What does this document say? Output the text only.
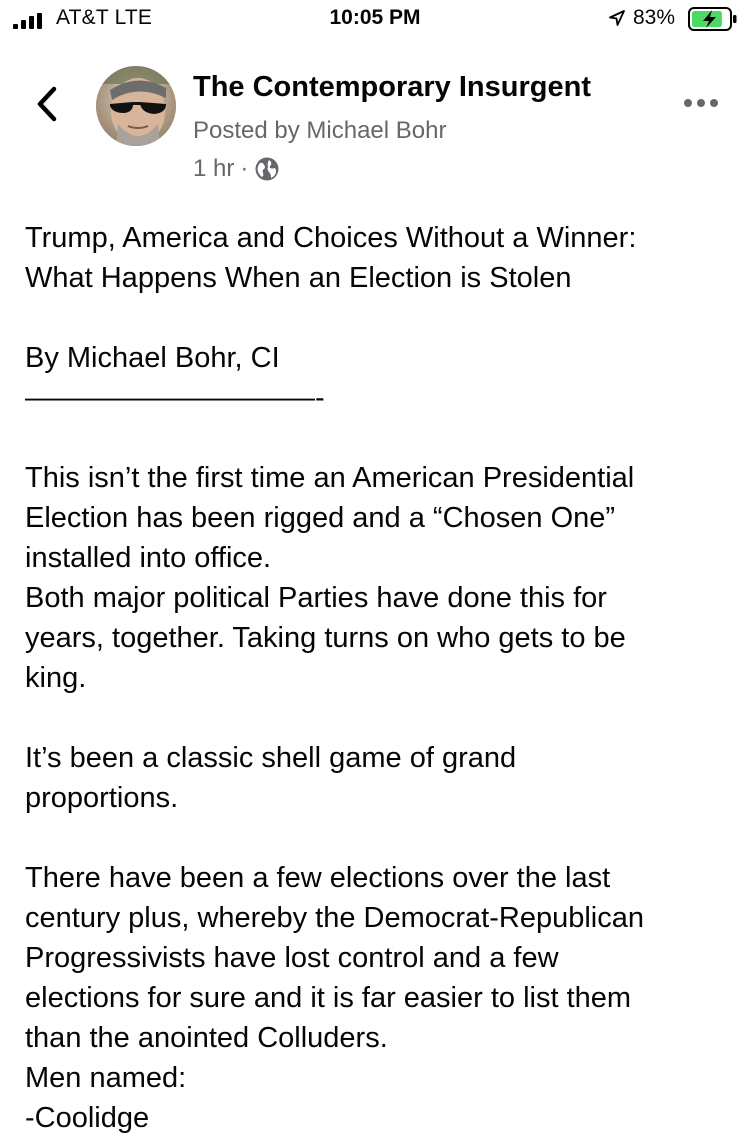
AT&T LTE	10:05 PM	83%
The Contemporary Insurgent
Posted by Michael Bohr
1 hr ·

Trump, America and Choices Without a Winner:

What Happens When an Election is Stolen

By Michael Bohr, CI

——————————-

This isn’t the first time an American Presidential

Election has been rigged and a “Chosen One”

installed into office.

Both major political Parties have done this for

years, together. Taking turns on who gets to be

king.

It’s been a classic shell game of grand

proportions.

There have been a few elections over the last

century plus, whereby the Democrat-Republican

Progressivists have lost control and a few

elections for sure and it is far easier to list them

than the anointed Colluders.

Men named:

-Coolidge
